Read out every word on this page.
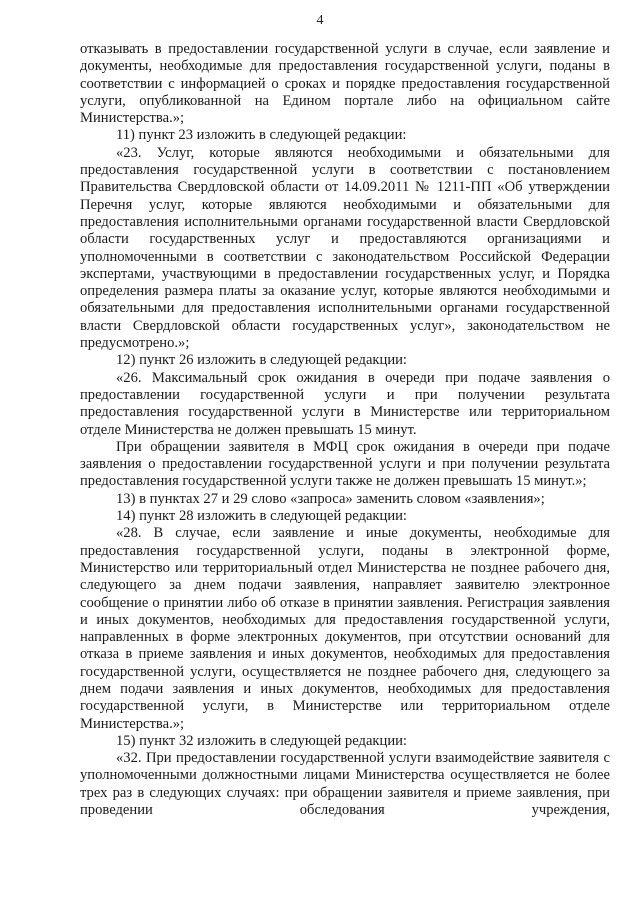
4

отказывать в предоставлении государственной услуги в случае, если заявление и документы, необходимые для предоставления государственной услуги, поданы в соответствии с информацией о сроках и порядке предоставления государственной услуги, опубликованной на Едином портале либо на официальном сайте Министерства.»;

11) пункт 23 изложить в следующей редакции:

«23. Услуг, которые являются необходимыми и обязательными для предоставления государственной услуги в соответствии с постановлением Правительства Свердловской области от 14.09.2011 № 1211-ПП «Об утверждении Перечня услуг, которые являются необходимыми и обязательными для предоставления исполнительными органами государственной власти Свердловской области государственных услуг и предоставляются организациями и уполномоченными в соответствии с законодательством Российской Федерации экспертами, участвующими в предоставлении государственных услуг, и Порядка определения размера платы за оказание услуг, которые являются необходимыми и обязательными для предоставления исполнительными органами государственной власти Свердловской области государственных услуг», законодательством не предусмотрено.»;

12) пункт 26 изложить в следующей редакции:

«26. Максимальный срок ожидания в очереди при подаче заявления о предоставлении государственной услуги и при получении результата предоставления государственной услуги в Министерстве или территориальном отделе Министерства не должен превышать 15 минут.

При обращении заявителя в МФЦ срок ожидания в очереди при подаче заявления о предоставлении государственной услуги и при получении результата предоставления государственной услуги также не должен превышать 15 минут.»;

13) в пунктах 27 и 29 слово «запроса» заменить словом «заявления»;

14) пункт 28 изложить в следующей редакции:

«28. В случае, если заявление и иные документы, необходимые для предоставления государственной услуги, поданы в электронной форме, Министерство или территориальный отдел Министерства не позднее рабочего дня, следующего за днем подачи заявления, направляет заявителю электронное сообщение о принятии либо об отказе в принятии заявления. Регистрация заявления и иных документов, необходимых для предоставления государственной услуги, направленных в форме электронных документов, при отсутствии оснований для отказа в приеме заявления и иных документов, необходимых для предоставления государственной услуги, осуществляется не позднее рабочего дня, следующего за днем подачи заявления и иных документов, необходимых для предоставления государственной услуги, в Министерстве или территориальном отделе Министерства.»;

15) пункт 32 изложить в следующей редакции:

«32. При предоставлении государственной услуги взаимодействие заявителя с уполномоченными должностными лицами Министерства осуществляется не более трех раз в следующих случаях: при обращении заявителя и приеме заявления, при проведении обследования учреждения,
